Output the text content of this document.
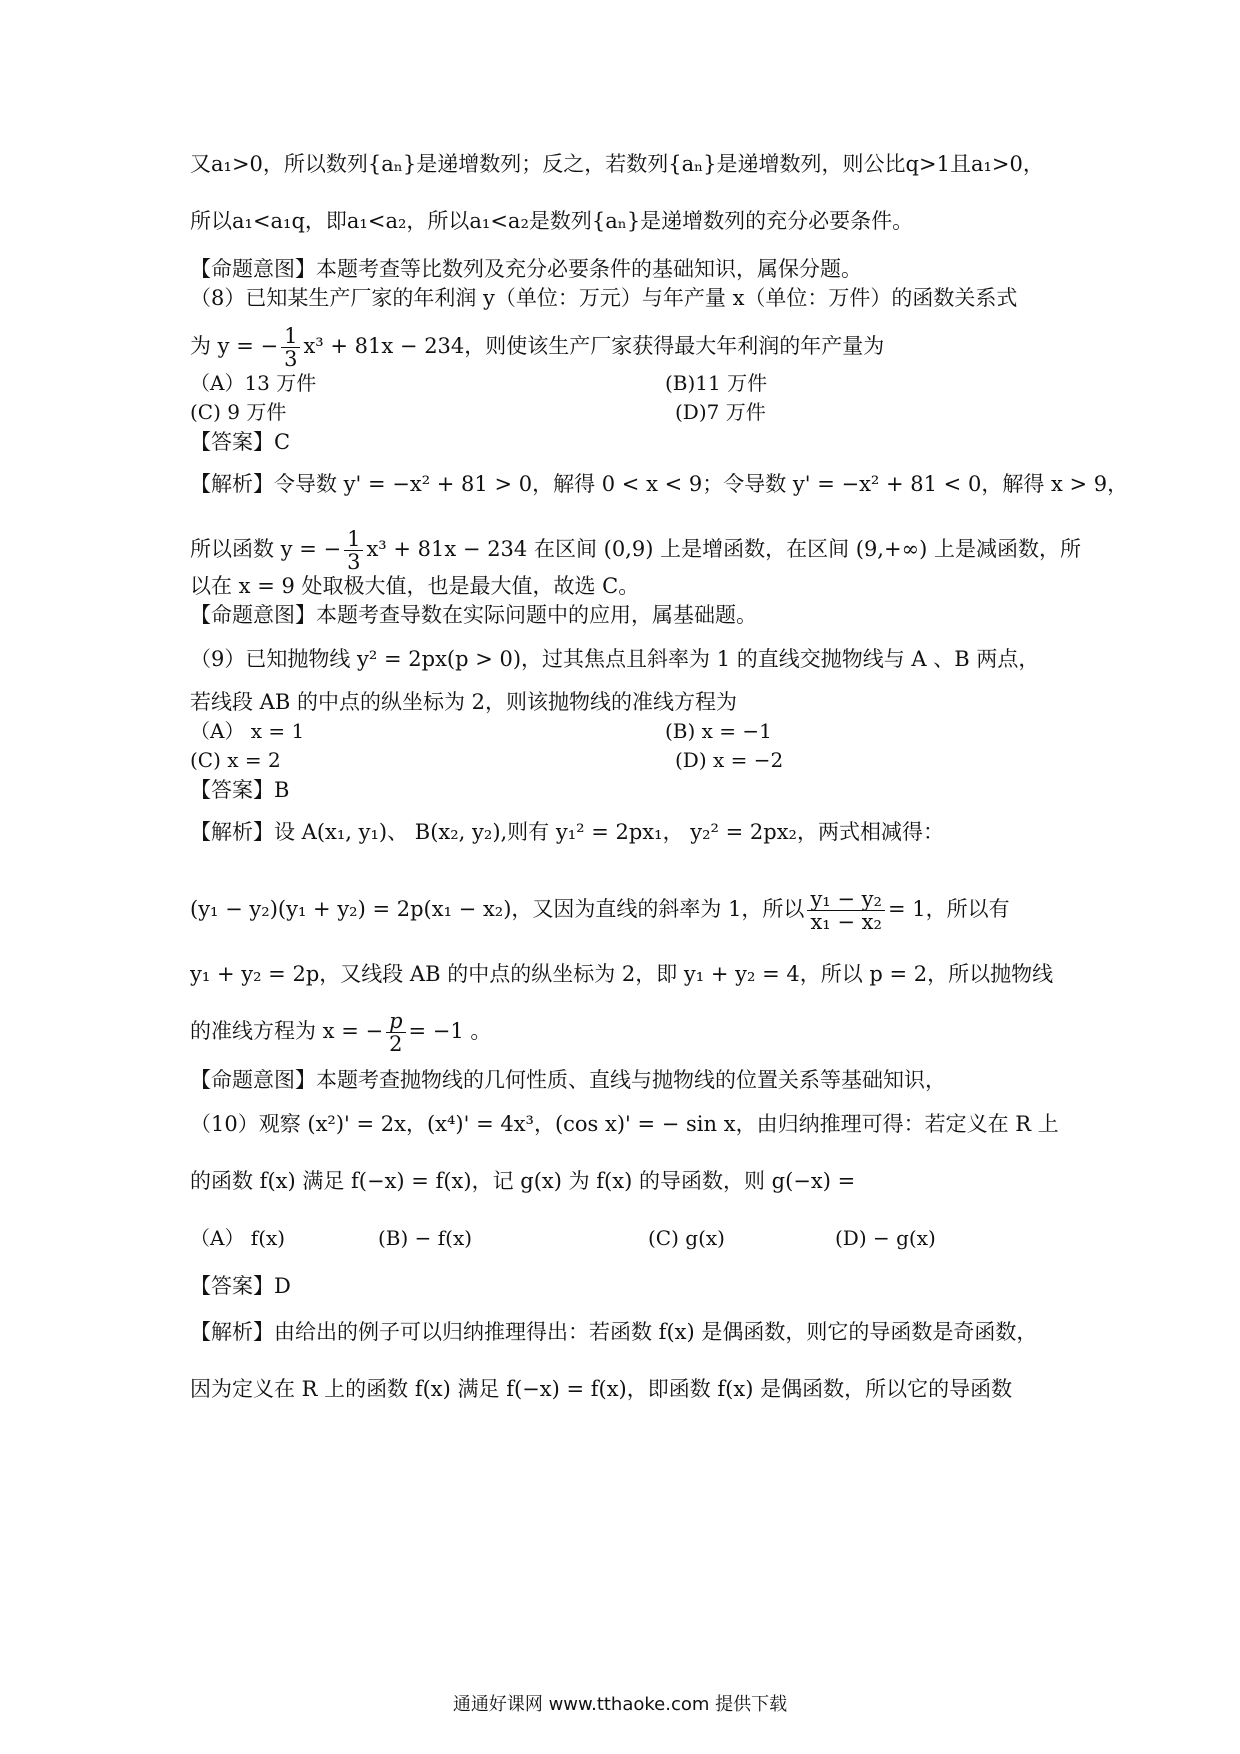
又a₁>0，所以数列{aₙ}是递增数列；反之，若数列{aₙ}是递增数列，则公比q>1且a₁>0，
所以a₁<a₁q，即a₁<a₂，所以a₁<a₂是数列{aₙ}是递增数列的充分必要条件。
【命题意图】本题考查等比数列及充分必要条件的基础知识，属保分题。
（8）已知某生产厂家的年利润 y（单位：万元）与年产量 x（单位：万件）的函数关系式
为 y = − $\frac{1}{3} x^3 + 81x - 234$，则使该生产厂家获得最大年利润的年产量为
（A）13 万件	(B)11 万件
(C) 9 万件	(D)7 万件
【答案】C
【解析】令导数 y' = −x² + 81 > 0，解得 0 < x < 9；令导数 y' = −x² + 81 < 0，解得 x > 9，
所以函数 y = − $\frac{1}{3} x^3 + 81x - 234$ 在区间 (0,9) 上是增函数，在区间 (9,+∞) 上是减函数，所
以在 x = 9 处取极大值，也是最大值，故选 C。
【命题意图】本题考查导数在实际问题中的应用，属基础题。
（9）已知抛物线 y² = 2px(p > 0)，过其焦点且斜率为 1 的直线交抛物线与 A 、B 两点，
若线段 AB 的中点的纵坐标为 2，则该抛物线的准线方程为
（A） x = 1	(B) x = −1
(C) x = 2	(D) x = −2
【答案】B
【解析】设 A(x₁, y₁)、 B(x₂, y₂),则有 y₁² = 2px₁， y₂² = 2px₂，两式相减得：
(y₁ − y₂)(y₁ + y₂) = 2p(x₁ − x₂)，又因为直线的斜率为 1，所以 $\frac{\text{y₁ − y₂}}{\text{x₁ − x₂}} = 1$，所以有
y₁ + y₂ = 2p，又线段 AB 的中点的纵坐标为 2，即 y₁ + y₂ = 4，所以 p = 2，所以抛物线
的准线方程为 x = − $\frac{p}{2} = -1$ 。
【命题意图】本题考查抛物线的几何性质、直线与抛物线的位置关系等基础知识，
（10）观察 (x²)' = 2x，(x⁴)' = 4x³，(cos x)' = − sin x，由归纳推理可得：若定义在 R 上
的函数 f(x) 满足 f(−x) = f(x)，记 g(x) 为 f(x) 的导函数，则 g(−x) =
（A） f(x)	(B) − f(x)	(C) g(x)	(D) − g(x)
【答案】D
【解析】由给出的例子可以归纳推理得出：若函数 f(x) 是偶函数，则它的导函数是奇函数，
因为定义在 R 上的函数 f(x) 满足 f(−x) = f(x)，即函数 f(x) 是偶函数，所以它的导函数
通通好课网 www.tthaoke.com 提供下载
